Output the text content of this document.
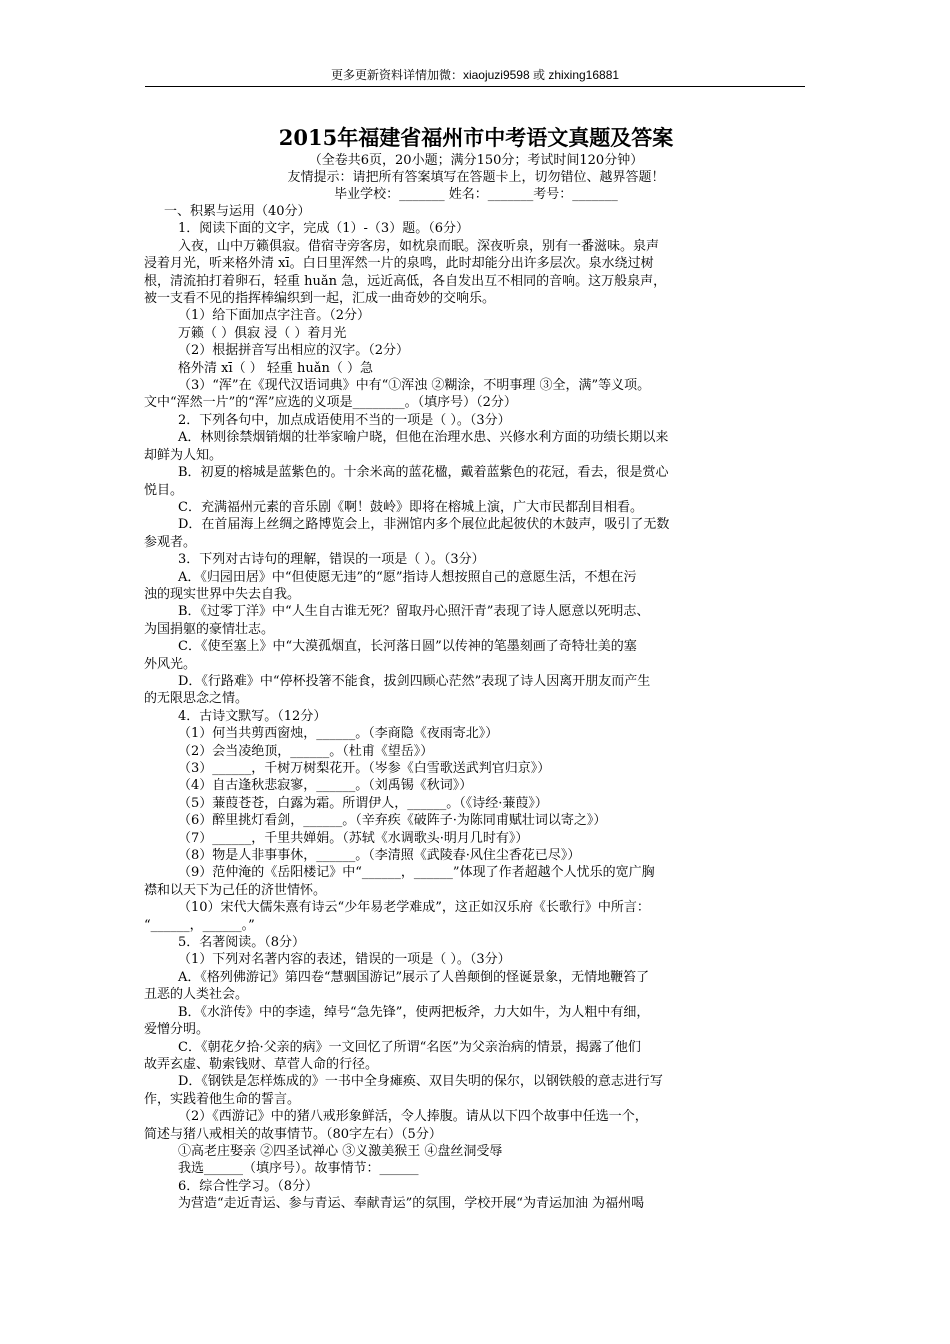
更多更新资料详情加微：xiaojuzi9598 或 zhixing16881
2015年福建省福州市中考语文真题及答案
（全卷共6页，20小题；满分150分；考试时间120分钟）
友情提示：请把所有答案填写在答题卡上，切勿错位、越界答题！
毕业学校：_______ 姓名：_______考号：_______
一、积累与运用（40分）
1．阅读下面的文字，完成（1）-（3）题。（6分）
入夜，山中万籁俱寂。借宿寺旁客房，如枕泉而眠。深夜听泉，别有一番滋味。泉声
浸着月光，听来格外清 xī。白日里浑然一片的泉鸣，此时却能分出许多层次。泉水绕过树
根，清流拍打着卵石，轻重 huǎn 急，远近高低，各自发出互不相同的音响。这万般泉声，
被一支看不见的指挥棒编织到一起，汇成一曲奇妙的交响乐。
（1）给下面加点字注音。（2分）
万籁（ ）俱寂 浸（ ）着月光
（2）根据拼音写出相应的汉字。（2分）
格外清 xī（ ） 轻重 huǎn（ ）急
（3）“浑”在《现代汉语词典》中有“①浑浊 ②糊涂，不明事理 ③全，满”等义项。
文中“浑然一片”的“浑”应选的义项是________。（填序号）（2分）
2．下列各句中，加点成语使用不当的一项是（ ）。（3分）
A．林则徐禁烟销烟的壮举家喻户晓，但他在治理水患、兴修水利方面的功绩长期以来
却鲜为人知。
B．初夏的榕城是蓝紫色的。十余米高的蓝花楹，戴着蓝紫色的花冠，看去，很是赏心
悦目。
C．充满福州元素的音乐剧《啊！鼓岭》即将在榕城上演，广大市民都刮目相看。
D．在首届海上丝绸之路博览会上，非洲馆内多个展位此起彼伏的木鼓声，吸引了无数
参观者。
3．下列对古诗句的理解，错误的一项是（ ）。（3分）
A．《归园田居》中“但使愿无违”的“愿”指诗人想按照自己的意愿生活，不想在污
浊的现实世界中失去自我。
B．《过零丁洋》中“人生自古谁无死？留取丹心照汗青”表现了诗人愿意以死明志、
为国捐躯的豪情壮志。
C．《使至塞上》中“大漠孤烟直，长河落日圆”以传神的笔墨刻画了奇特壮美的塞
外风光。
D．《行路难》中“停杯投箸不能食，拔剑四顾心茫然”表现了诗人因离开朋友而产生
的无限思念之情。
4．古诗文默写。（12分）
（1）何当共剪西窗烛，______。（李商隐《夜雨寄北》）
（2）会当凌绝顶，______。（杜甫《望岳》）
（3）______，千树万树梨花开。（岑参《白雪歌送武判官归京》）
（4）自古逢秋悲寂寥，______。（刘禹锡《秋词》）
（5）蒹葭苍苍，白露为霜。所谓伊人，______。（《诗经·蒹葭》）
（6）醉里挑灯看剑，______。（辛弃疾《破阵子·为陈同甫赋壮词以寄之》）
（7）______，千里共婵娟。（苏轼《水调歌头·明月几时有》）
（8）物是人非事事休，______。（李清照《武陵春·风住尘香花已尽》）
（9）范仲淹的《岳阳楼记》中“______，______”体现了作者超越个人忧乐的宽广胸
襟和以天下为己任的济世情怀。
（10）宋代大儒朱熹有诗云“少年易老学难成”，这正如汉乐府《长歌行》中所言：
“______，______。”
5．名著阅读。（8分）
（1）下列对名著内容的表述，错误的一项是（ ）。（3分）
A．《格列佛游记》第四卷“慧骃国游记”展示了人兽颠倒的怪诞景象，无情地鞭笞了
丑恶的人类社会。
B．《水浒传》中的李逵，绰号“急先锋”，使两把板斧，力大如牛，为人粗中有细，
爱憎分明。
C．《朝花夕拾·父亲的病》一文回忆了所谓“名医”为父亲治病的情景，揭露了他们
故弄玄虚、勒索钱财、草菅人命的行径。
D．《钢铁是怎样炼成的》一书中全身瘫痪、双目失明的保尔，以钢铁般的意志进行写
作，实践着他生命的誓言。
（2）《西游记》中的猪八戒形象鲜活，令人捧腹。请从以下四个故事中任选一个，
简述与猪八戒相关的故事情节。（80字左右）（5分）
①高老庄娶亲 ②四圣试禅心 ③义激美猴王 ④盘丝洞受辱
我选______（填序号）。故事情节：______
6．综合性学习。（8分）
为营造“走近青运、参与青运、奉献青运”的氛围，学校开展“为青运加油 为福州喝
